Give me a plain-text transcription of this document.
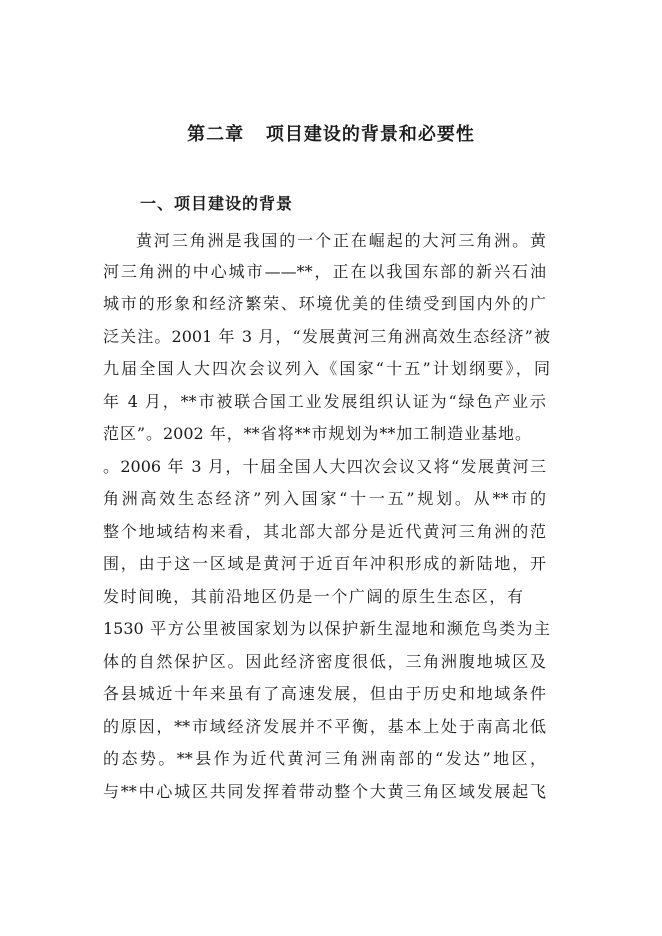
第二章   项目建设的背景和必要性
一、项目建设的背景
黄河三角洲是我国的一个正在崛起的大河三角洲。黄
河三角洲的中心城市——**，正在以我国东部的新兴石油
城市的形象和经济繁荣、环境优美的佳绩受到国内外的广
泛关注。2001 年 3 月，“发展黄河三角洲高效生态经济”被
九届全国人大四次会议列入《国家“十五”计划纲要》，同
年 4 月，**市被联合国工业发展组织认证为“绿色产业示
范区”。2002 年，**省将**市规划为**加工制造业基地。
。2006 年 3 月，十届全国人大四次会议又将“发展黄河三
角洲高效生态经济”列入国家“十一五”规划。从**市的
整个地域结构来看，其北部大部分是近代黄河三角洲的范
围，由于这一区域是黄河于近百年冲积形成的新陆地，开
发时间晚，其前沿地区仍是一个广阔的原生生态区，有
1530 平方公里被国家划为以保护新生湿地和濒危鸟类为主
体的自然保护区。因此经济密度很低，三角洲腹地城区及
各县城近十年来虽有了高速发展，但由于历史和地域条件
的原因，**市域经济发展并不平衡，基本上处于南高北低
的态势。**县作为近代黄河三角洲南部的“发达”地区，
与**中心城区共同发挥着带动整个大黄三角区域发展起飞
